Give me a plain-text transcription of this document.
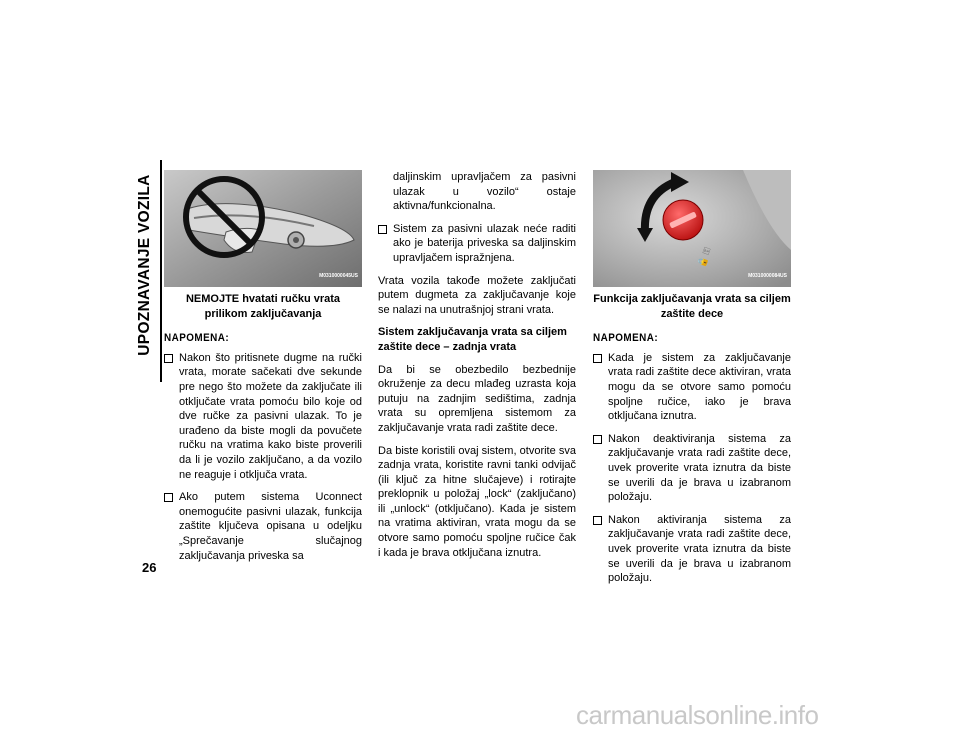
UPOZNAVANJE VOZILA
26
M0310000045US
NEMOJTE hvatati ručku vrata prilikom zaključavanja
NAPOMENA:
Nakon što pritisnete dugme na ručki vrata, morate sačekati dve sekunde pre nego što možete da zaključate ili otključate vrata pomoću bilo koje od dve ručke za pasivni ulazak. To je urađeno da biste mogli da povučete ručku na vratima kako biste proverili da li je vozilo zaključano, a da vozilo ne reaguje i otključa vrata.
Ako putem sistema Uconnect onemogućite pasivni ulazak, funkcija zaštite ključeva opisana u odeljku „Sprečavanje slučajnog zaključavanja priveska sa
daljinskim upravljačem za pasivni ulazak u vozilo“ ostaje aktivna/funkcionalna.
Sistem za pasivni ulazak neće raditi ako je baterija priveska sa daljinskim upravljačem ispražnjena.

Vrata vozila takođe možete zaključati putem dugmeta za zaključavanje koje se nalazi na unutrašnjoj strani vrata.

Sistem zaključavanja vrata sa ciljem zaštite dece – zadnja vrata

Da bi se obezbedilo bezbednije okruženje za decu mlađeg uzrasta koja putuju na zadnjim sedištima, zadnja vrata su opremljena sistemom za zaključavanje vrata radi zaštite dece.

Da biste koristili ovaj sistem, otvorite sva zadnja vrata, koristite ravni tanki odvijač (ili ključ za hitne slučajeve) i rotirajte preklopnik u položaj „lock“ (zaključano) ili „unlock“ (otključano). Kada je sistem na vratima aktiviran, vrata mogu da se otvore samo pomoću spoljne ručice čak i kada je brava otključana iznutra.

🔒 ⚿
M0310000084US
Funkcija zaključavanja vrata sa ciljem zaštite dece
NAPOMENA:
Kada je sistem za zaključavanje vrata radi zaštite dece aktiviran, vrata mogu da se otvore samo pomoću spoljne ručice, iako je brava otključana iznutra.
Nakon deaktiviranja sistema za zaključavanje vrata radi zaštite dece, uvek proverite vrata iznutra da biste se uverili da je brava u izabranom položaju.
Nakon aktiviranja sistema za zaključavanje vrata radi zaštite dece, uvek proverite vrata iznutra da biste se uverili da je brava u izabranom položaju.
carmanualsonline.info
